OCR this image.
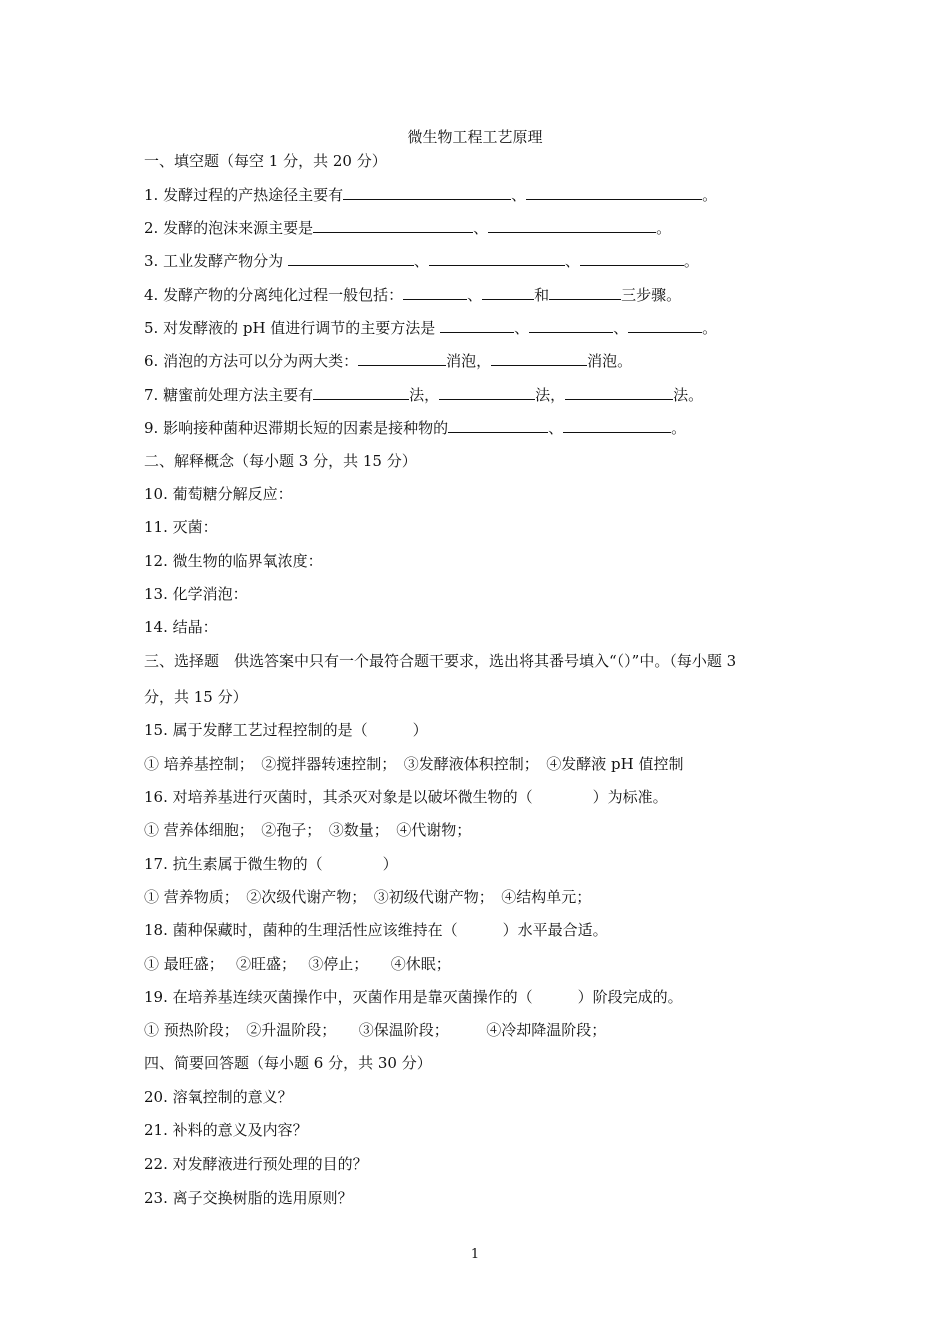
微生物工程工艺原理
一、填空题（每空 1 分，共 20 分）
1. 发酵过程的产热途径主要有	、	。
2. 发酵的泡沫来源主要是	、	。
3. 工业发酵产物分为	、	、	。
4. 发酵产物的分离纯化过程一般包括：	、	和	三步骤。
5. 对发酵液的 pH 值进行调节的主要方法是	、	、	。
6. 消泡的方法可以分为两大类：	消泡，	消泡。
7. 糖蜜前处理方法主要有	法，	法，	法。
9. 影响接种菌种迟滞期长短的因素是接种物的	、	。
二、解释概念（每小题 3 分，共 15 分）
10. 葡萄糖分解反应：
11. 灭菌：
12. 微生物的临界氧浓度：
13. 化学消泡：
14. 结晶：
三、选择题　供选答案中只有一个最符合题干要求，选出将其番号填入“（）”中。（每小题 3
分，共 15 分）
15. 属于发酵工艺过程控制的是（　　　）
① 培养基控制；　②搅拌器转速控制；　③发酵液体积控制；　④发酵液 pH 值控制
16. 对培养基进行灭菌时，其杀灭对象是以破坏微生物的（　　　　）为标准。
① 营养体细胞；　②孢子；　③数量；　④代谢物；
17. 抗生素属于微生物的（　　　　）
① 营养物质；　②次级代谢产物；　③初级代谢产物；　④结构单元；
18. 菌种保藏时，菌种的生理活性应该维持在（　　　）水平最合适。
① 最旺盛；　 ②旺盛；　 ③停止；　　④休眠；
19. 在培养基连续灭菌操作中，灭菌作用是靠灭菌操作的（　　　）阶段完成的。
① 预热阶段；　②升温阶段；　　③保温阶段；　　　④冷却降温阶段；
四、简要回答题（每小题 6 分，共 30 分）
20. 溶氧控制的意义？
21. 补料的意义及内容？
22. 对发酵液进行预处理的目的？
23. 离子交换树脂的选用原则？
1
